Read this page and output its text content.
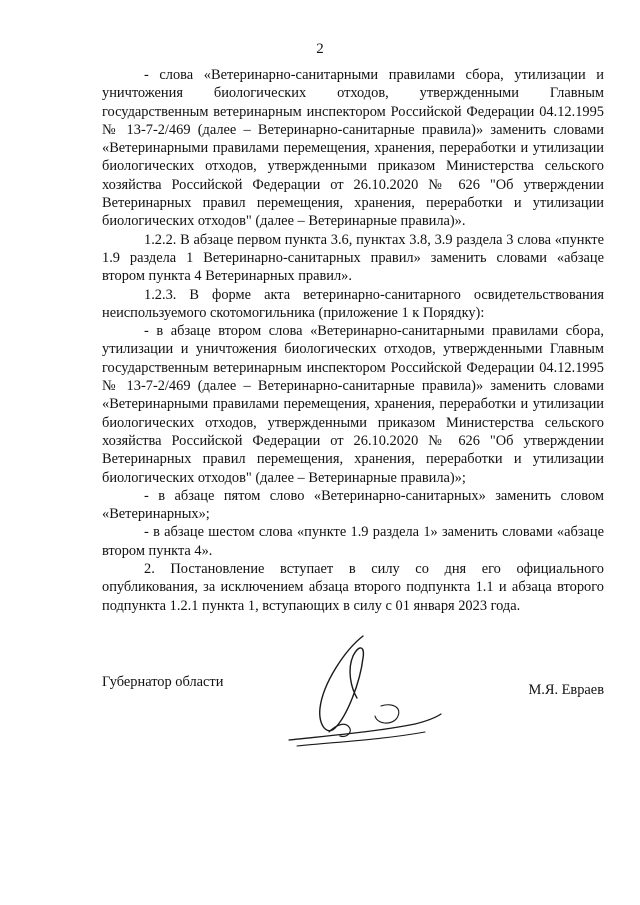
2

- слова «Ветеринарно-санитарными правилами сбора, утилизации и уничтожения биологических отходов, утвержденными Главным государственным ветеринарным инспектором Российской Федерации 04.12.1995 № 13-7-2/469 (далее – Ветеринарно-санитарные правила)» заменить словами «Ветеринарными правилами перемещения, хранения, переработки и утилизации биологических отходов, утвержденными приказом Министерства сельского хозяйства Российской Федерации от 26.10.2020 № 626 "Об утверждении Ветеринарных правил перемещения, хранения, переработки и утилизации биологических отходов" (далее – Ветеринарные правила)».

1.2.2. В абзаце первом пункта 3.6, пунктах 3.8, 3.9 раздела 3 слова «пункте 1.9 раздела 1 Ветеринарно-санитарных правил» заменить словами «абзаце втором пункта 4 Ветеринарных правил».

1.2.3. В форме акта ветеринарно-санитарного освидетельствования неиспользуемого скотомогильника (приложение 1 к Порядку):

- в абзаце втором слова «Ветеринарно-санитарными правилами сбора, утилизации и уничтожения биологических отходов, утвержденными Главным государственным ветеринарным инспектором Российской Федерации 04.12.1995 № 13-7-2/469 (далее – Ветеринарно-санитарные правила)» заменить словами «Ветеринарными правилами перемещения, хранения, переработки и утилизации биологических отходов, утвержденными приказом Министерства сельского хозяйства Российской Федерации от 26.10.2020 № 626 "Об утверждении Ветеринарных правил перемещения, хранения, переработки и утилизации биологических отходов" (далее – Ветеринарные правила)»;

- в абзаце пятом слово «Ветеринарно-санитарных» заменить словом «Ветеринарных»;

- в абзаце шестом слова «пункте 1.9 раздела 1» заменить словами «абзаце втором пункта 4».

2. Постановление вступает в силу со дня его официального опубликования, за исключением абзаца второго подпункта 1.1 и абзаца второго подпункта 1.2.1 пункта 1, вступающих в силу с 01 января 2023 года.

Губернатор области	М.Я. Евраев
